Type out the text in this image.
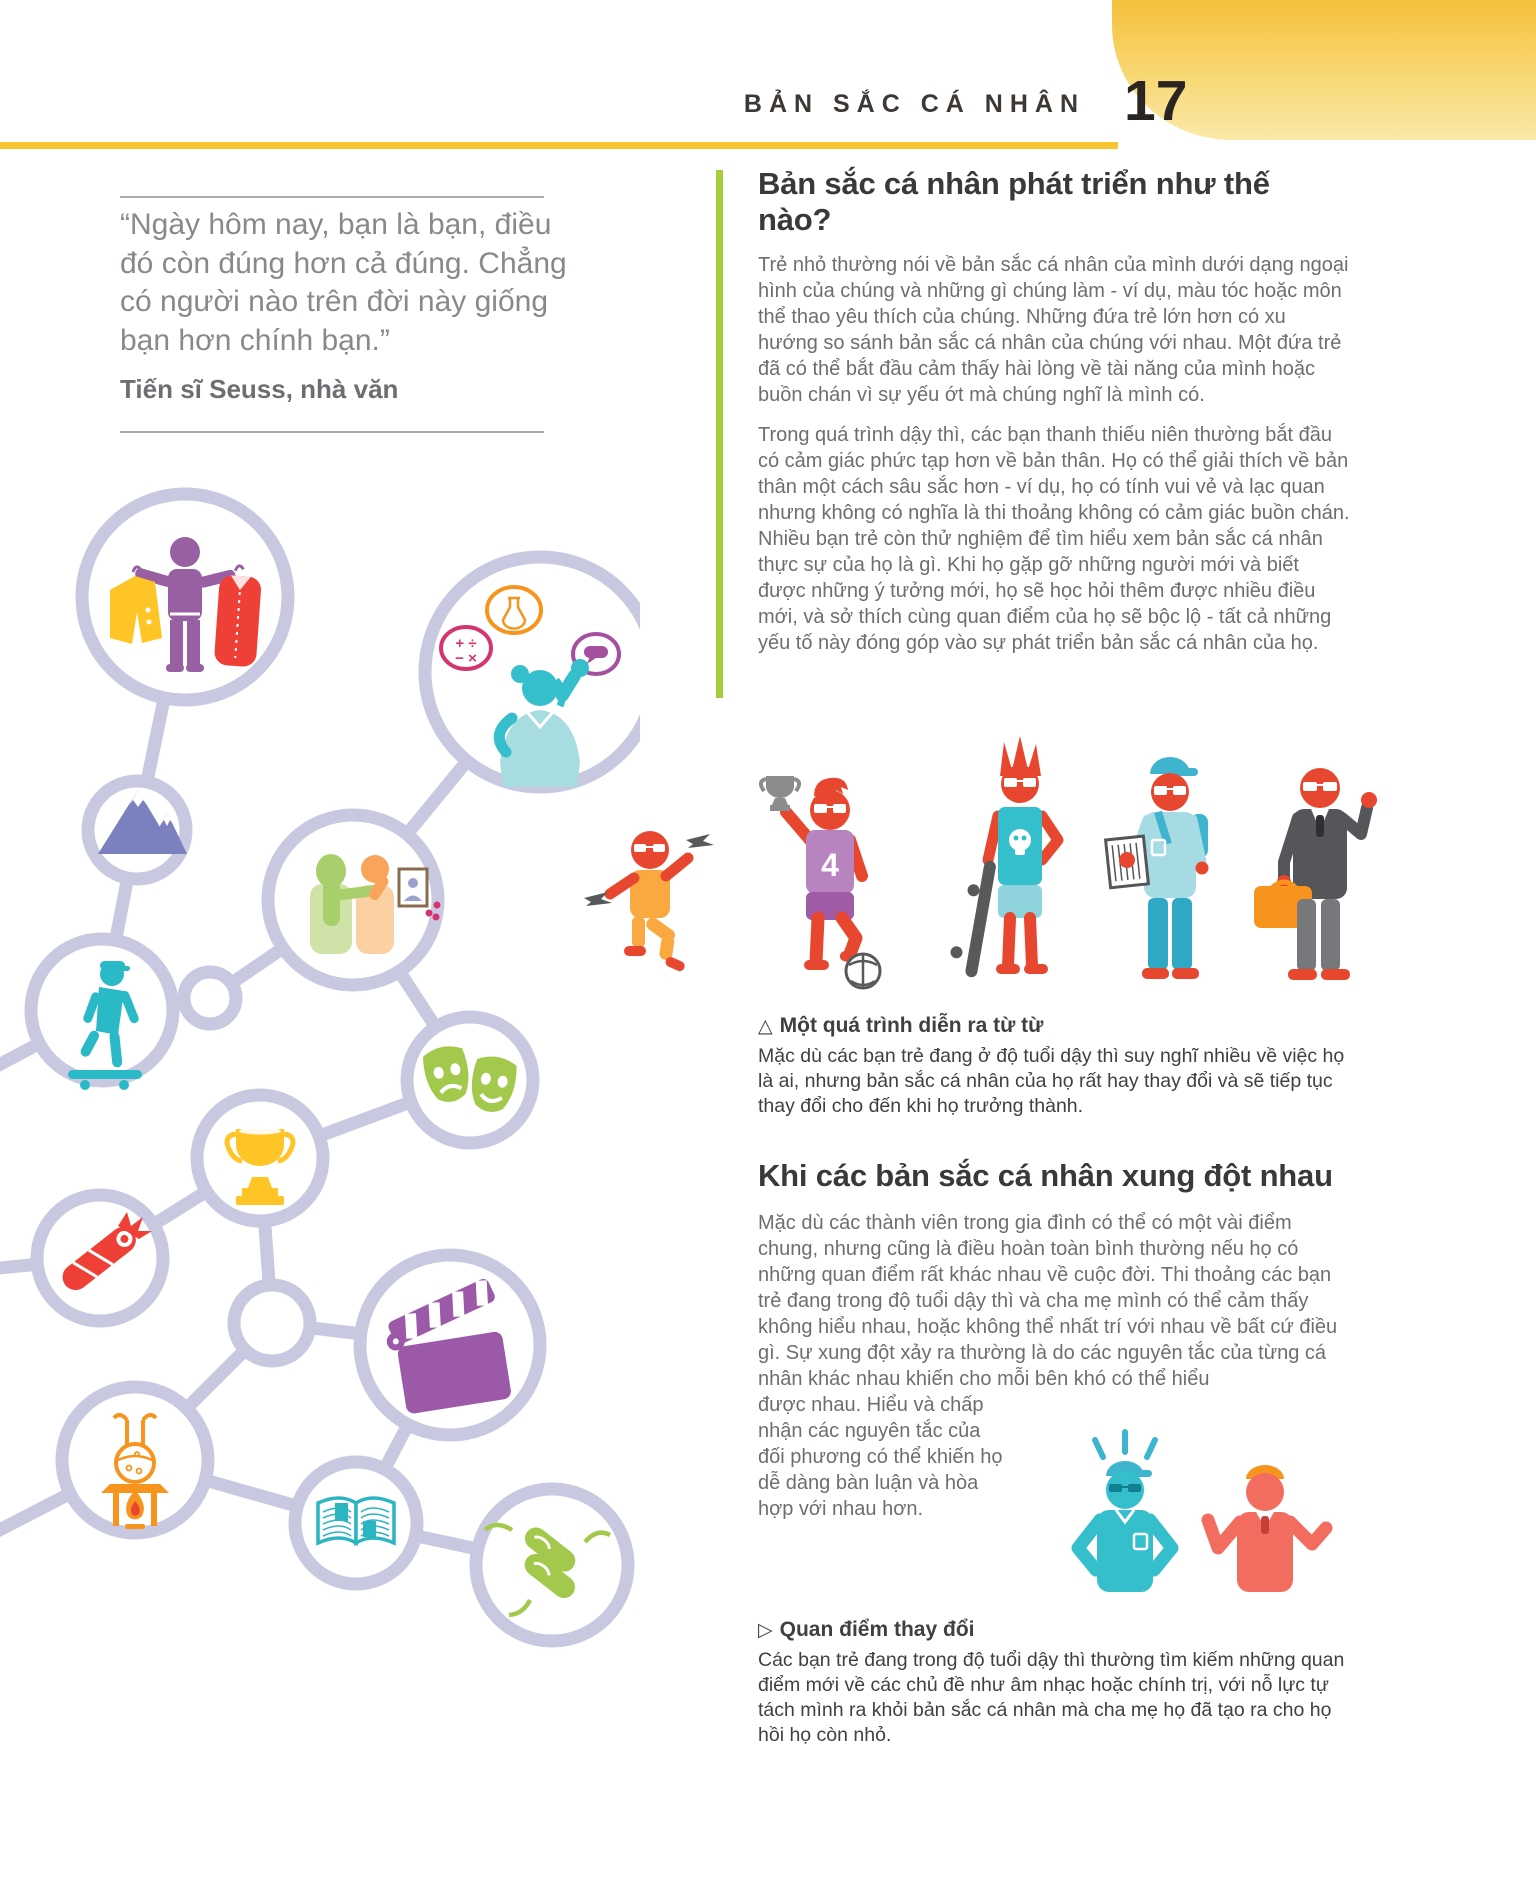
BẢN SẮC CÁ NHÂN 17
“Ngày hôm nay, bạn là bạn, điều đó còn đúng hơn cả đúng. Chẳng có người nào trên đời này giống bạn hơn chính bạn.”
Tiến sĩ Seuss, nhà văn
+ ÷
− ×
Bản sắc cá nhân phát triển như thế nào?

Trẻ nhỏ thường nói về bản sắc cá nhân của mình dưới dạng ngoại hình của chúng và những gì chúng làm - ví dụ, màu tóc hoặc môn thể thao yêu thích của chúng. Những đứa trẻ lớn hơn có xu hướng so sánh bản sắc cá nhân của chúng với nhau. Một đứa trẻ đã có thể bắt đầu cảm thấy hài lòng về tài năng của mình hoặc buồn chán vì sự yếu ớt mà chúng nghĩ là mình có.

Trong quá trình dậy thì, các bạn thanh thiếu niên thường bắt đầu có cảm giác phức tạp hơn về bản thân. Họ có thể giải thích về bản thân một cách sâu sắc hơn - ví dụ, họ có tính vui vẻ và lạc quan nhưng không có nghĩa là thi thoảng không có cảm giác buồn chán. Nhiều bạn trẻ còn thử nghiệm để tìm hiểu xem bản sắc cá nhân thực sự của họ là gì. Khi họ gặp gỡ những người mới và biết được những ý tưởng mới, họ sẽ học hỏi thêm được nhiều điều mới, và sở thích cùng quan điểm của họ sẽ bộc lộ - tất cả những yếu tố này đóng góp vào sự phát triển bản sắc cá nhân của họ.

4
△ Một quá trình diễn ra từ từ
Mặc dù các bạn trẻ đang ở độ tuổi dậy thì suy nghĩ nhiều về việc họ là ai, nhưng bản sắc cá nhân của họ rất hay thay đổi và sẽ tiếp tục thay đổi cho đến khi họ trưởng thành.
Khi các bản sắc cá nhân xung đột nhau

Mặc dù các thành viên trong gia đình có thể có một vài điểm chung, nhưng cũng là điều hoàn toàn bình thường nếu họ có những quan điểm rất khác nhau về cuộc đời. Thi thoảng các bạn trẻ đang trong độ tuổi dậy thì và cha mẹ mình có thể cảm thấy không hiểu nhau, hoặc không thể nhất trí với nhau về bất cứ điều gì. Sự xung đột xảy ra thường là do các nguyên tắc của từng cá nhân khác nhau khiến cho mỗi bên khó có thể hiểu

được nhau. Hiểu và chấp nhận các nguyên tắc của đối phương có thể khiến họ dễ dàng bàn luận và hòa hợp với nhau hơn.

▷ Quan điểm thay đổi
Các bạn trẻ đang trong độ tuổi dậy thì thường tìm kiếm những quan điểm mới về các chủ đề như âm nhạc hoặc chính trị, với nỗ lực tự tách mình ra khỏi bản sắc cá nhân mà cha mẹ họ đã tạo ra cho họ hồi họ còn nhỏ.
